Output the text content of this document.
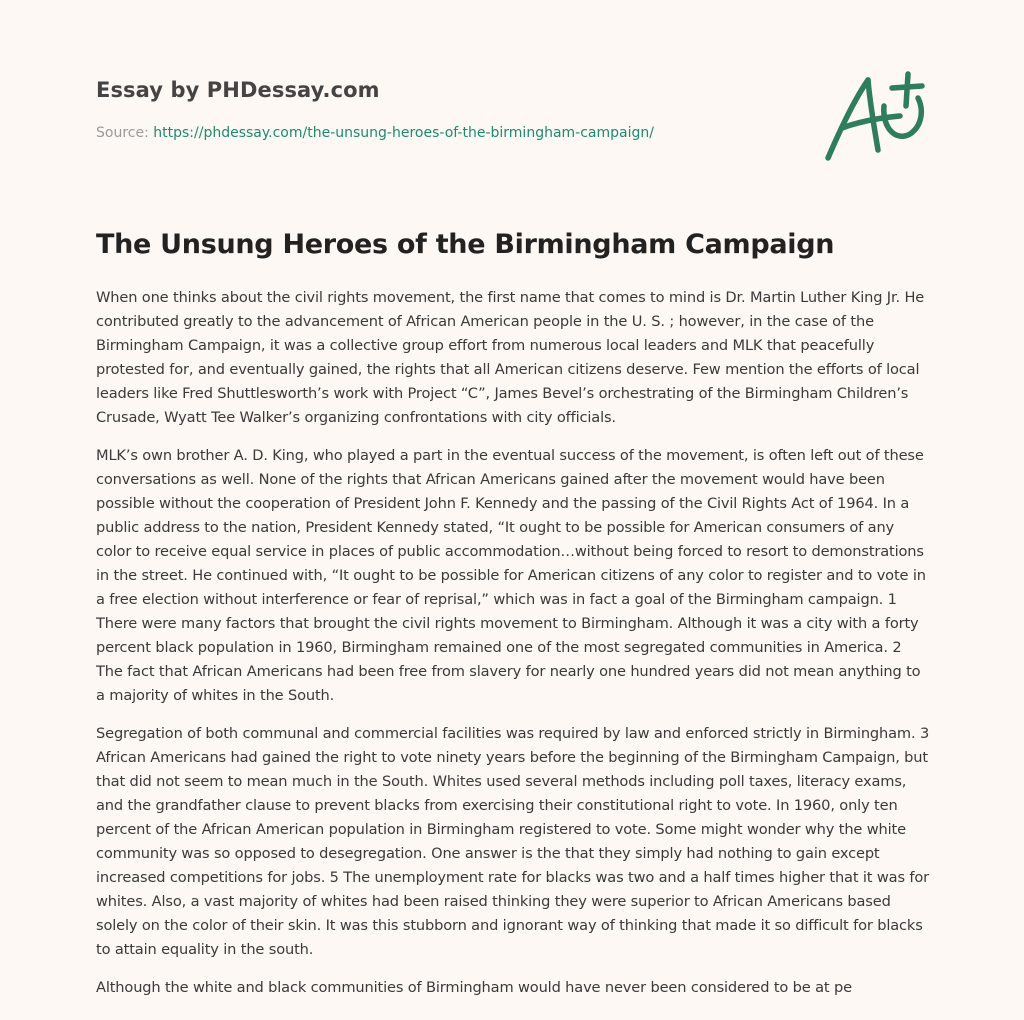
Essay by PHDessay.com
Source: https://phdessay.com/the-unsung-heroes-of-the-birmingham-campaign/
The Unsung Heroes of the Birmingham Campaign

When one thinks about the civil rights movement, the first name that comes to mind is Dr. Martin Luther King Jr. He contributed greatly to the advancement of African American people in the U. S. ; however, in the case of the Birmingham Campaign, it was a collective group effort from numerous local leaders and MLK that peacefully protested for, and eventually gained, the rights that all American citizens deserve. Few mention the efforts of local leaders like Fred Shuttlesworth’s work with Project “C”, James Bevel’s orchestrating of the Birmingham Children’s Crusade, Wyatt Tee Walker’s organizing confrontations with city officials.

MLK’s own brother A. D. King, who played a part in the eventual success of the movement, is often left out of these conversations as well. None of the rights that African Americans gained after the movement would have been possible without the cooperation of President John F. Kennedy and the passing of the Civil Rights Act of 1964. In a public address to the nation, President Kennedy stated, “It ought to be possible for American consumers of any color to receive equal service in places of public accommodation…without being forced to resort to demonstrations in the street. He continued with, “It ought to be possible for American citizens of any color to register and to vote in a free election without interference or fear of reprisal,” which was in fact a goal of the Birmingham campaign. 1 There were many factors that brought the civil rights movement to Birmingham. Although it was a city with a forty percent black population in 1960, Birmingham remained one of the most segregated communities in America. 2 The fact that African Americans had been free from slavery for nearly one hundred years did not mean anything to a majority of whites in the South.

Segregation of both communal and commercial facilities was required by law and enforced strictly in Birmingham. 3 African Americans had gained the right to vote ninety years before the beginning of the Birmingham Campaign, but that did not seem to mean much in the South. Whites used several methods including poll taxes, literacy exams, and the grandfather clause to prevent blacks from exercising their constitutional right to vote. In 1960, only ten percent of the African American population in Birmingham registered to vote. Some might wonder why the white community was so opposed to desegregation. One answer is the that they simply had nothing to gain except increased competitions for jobs. 5 The unemployment rate for blacks was two and a half times higher that it was for whites. Also, a vast majority of whites had been raised thinking they were superior to African Americans based solely on the color of their skin. It was this stubborn and ignorant way of thinking that made it so difficult for blacks to attain equality in the south.

Although the white and black communities of Birmingham would have never been considered to be at pe
